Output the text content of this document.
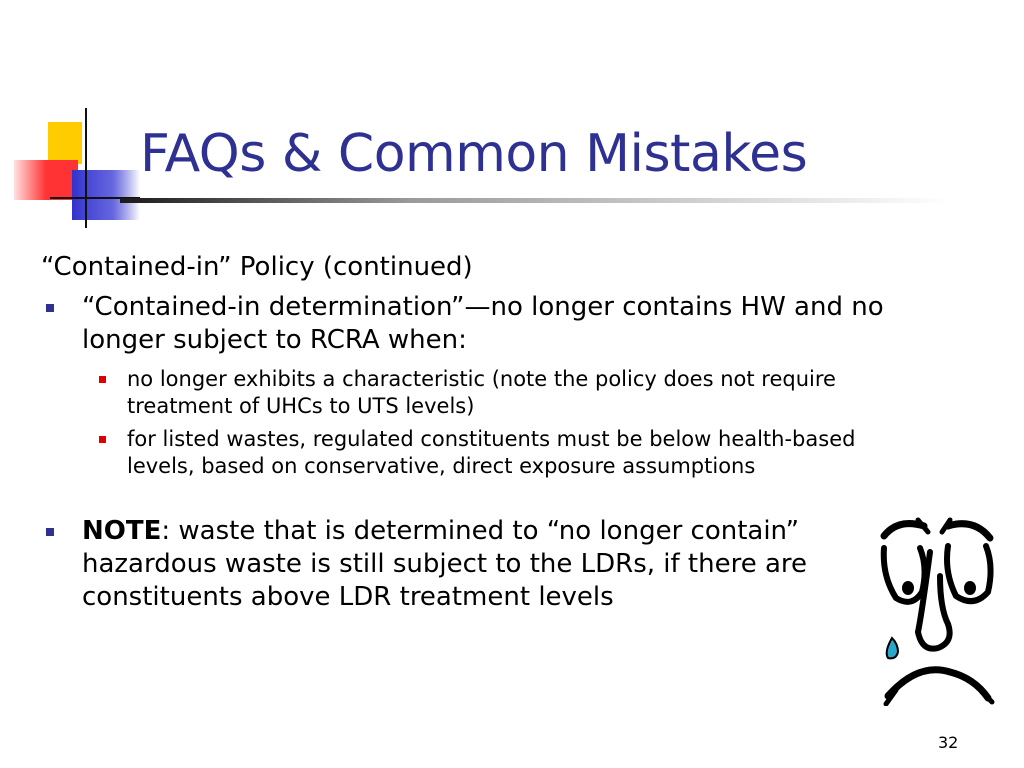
FAQs & Common Mistakes
“Contained-in” Policy (continued)
“Contained-in determination”—no longer contains HW and no longer subject to RCRA when:
no longer exhibits a characteristic (note the policy does not require treatment of UHCs to UTS levels)
for listed wastes, regulated constituents must be below health-based levels, based on conservative, direct exposure assumptions
NOTE: waste that is determined to “no longer contain” hazardous waste is still subject to the LDRs, if there are constituents above LDR treatment levels
32
